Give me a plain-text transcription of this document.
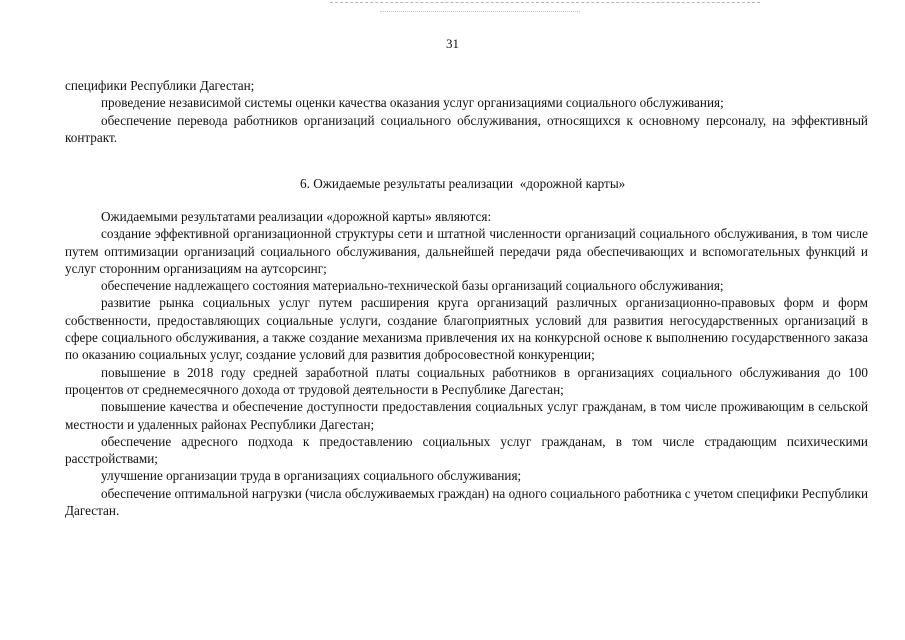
31

специфики Республики Дагестан;

проведение независимой системы оценки качества оказания услуг организациями социального обслуживания;

обеспечение перевода работников организаций социального обслуживания, относящихся к основному персоналу, на эффективный контракт.

6. Ожидаемые результаты реализации  «дорожной карты»

Ожидаемыми результатами реализации «дорожной карты» являются:

создание эффективной организационной структуры сети и штатной численности организаций социального обслуживания, в том числе путем оптимизации организаций социального обслуживания, дальнейшей передачи ряда обеспечивающих и вспомогательных функций и услуг сторонним организациям на аутсорсинг;

обеспечение надлежащего состояния материально-технической базы организаций социального обслуживания;

развитие рынка социальных услуг путем расширения круга организаций различных организационно-правовых форм и форм собственности, предоставляющих социальные услуги, создание благоприятных условий для развития негосударственных организаций в сфере социального обслуживания, а также создание механизма привлечения их на конкурсной основе к выполнению государственного заказа по оказанию социальных услуг, создание условий для развития добросовестной конкуренции;

повышение в 2018 году средней заработной платы социальных работников в организациях социального обслуживания до 100 процентов от среднемесячного дохода от трудовой деятельности в Республике Дагестан;

повышение качества и обеспечение доступности предоставления социальных услуг гражданам, в том числе проживающим в сельской местности и удаленных районах Республики Дагестан;

обеспечение адресного подхода к предоставлению социальных услуг гражданам, в том числе страдающим психическими расстройствами;

улучшение организации труда в организациях социального обслуживания;

обеспечение оптимальной нагрузки (числа обслуживаемых граждан) на одного социального работника с учетом специфики Республики Дагестан.
